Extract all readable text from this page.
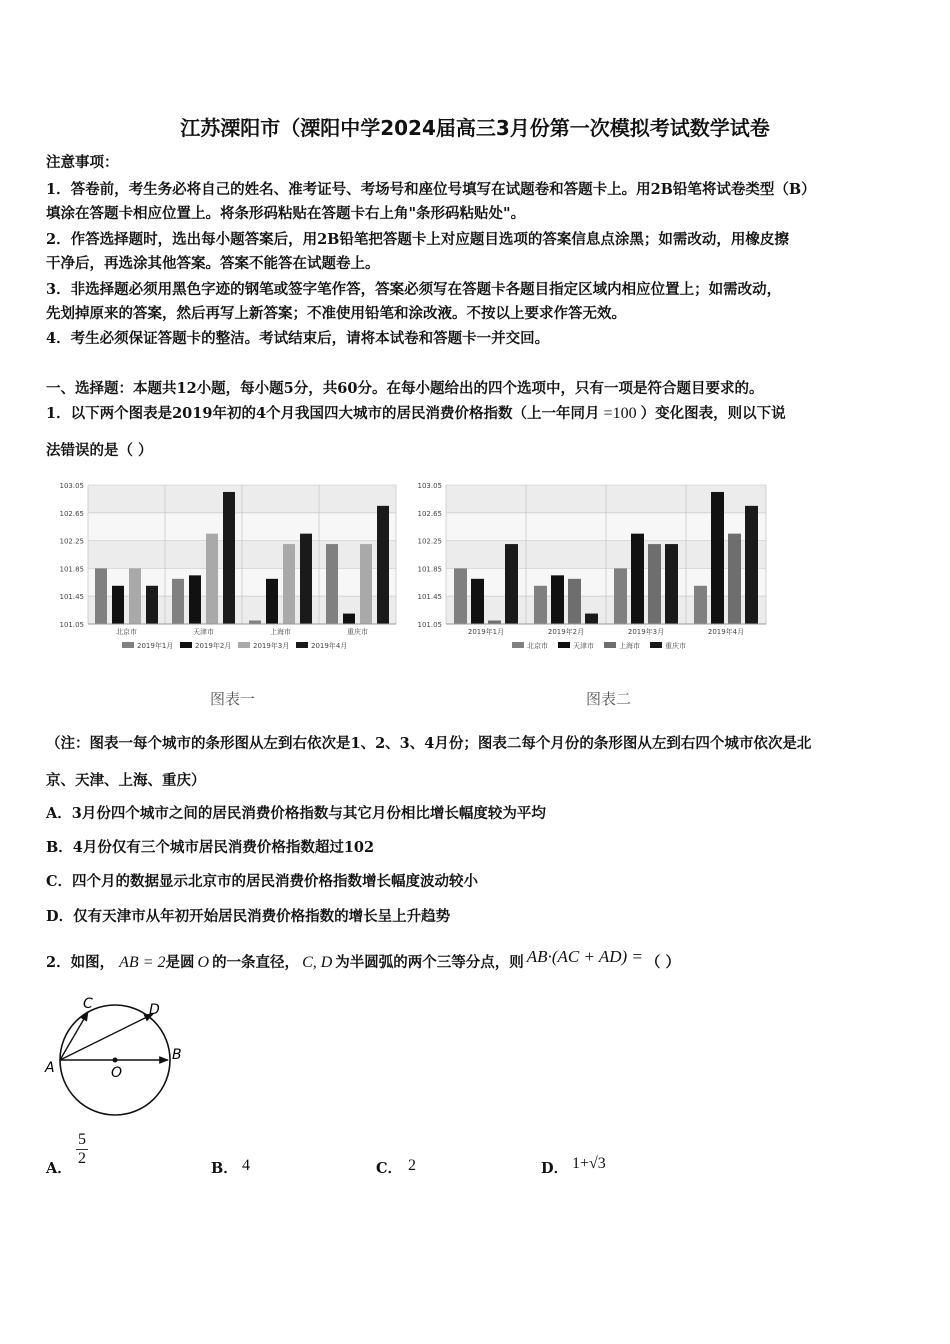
江苏溧阳市（溧阳中学2024届高三3月份第一次模拟考试数学试卷
注意事项：
1．答卷前，考生务必将自己的姓名、准考证号、考场号和座位号填写在试题卷和答题卡上。用2B铅笔将试卷类型（B）
填涂在答题卡相应位置上。将条形码粘贴在答题卡右上角"条形码粘贴处"。
2．作答选择题时，选出每小题答案后，用2B铅笔把答题卡上对应题目选项的答案信息点涂黑；如需改动，用橡皮擦
干净后，再选涂其他答案。答案不能答在试题卷上。
3．非选择题必须用黑色字迹的钢笔或签字笔作答，答案必须写在答题卡各题目指定区域内相应位置上；如需改动，
先划掉原来的答案，然后再写上新答案；不准使用铅笔和涂改液。不按以上要求作答无效。
4．考生必须保证答题卡的整洁。考试结束后，请将本试卷和答题卡一并交回。
一、选择题：本题共12小题，每小题5分，共60分。在每小题给出的四个选项中，只有一项是符合题目要求的。
1．以下两个图表是2019年初的4个月我国四大城市的居民消费价格指数（上一年同月 =100 ）变化图表，则以下说
法错误的是（ ）
103.05
102.65
102.25
101.85
101.45
101.05
北京市	天津市	上海市	重庆市
2019年1月	2019年2月	2019年3月	2019年4月
103.05
102.65
102.25
101.85
101.45
101.05
2019年1月	2019年2月	2019年3月	2019年4月
北京市	天津市	上海市	重庆市
图表一	图表二
（注：图表一每个城市的条形图从左到右依次是1、2、3、4月份；图表二每个月份的条形图从左到右四个城市依次是北
京、天津、上海、重庆）
A．3月份四个城市之间的居民消费价格指数与其它月份相比增长幅度较为平均
B．4月份仅有三个城市居民消费价格指数超过102
C．四个月的数据显示北京市的居民消费价格指数增长幅度波动较小
D．仅有天津市从年初开始居民消费价格指数的增长呈上升趋势
2．如图， AB = 2是圆 O 的一条直径， C, D 为半圆弧的两个三等分点，则 AB·(AC + AD) = （ ）
A
B
C	D
O
A．
$\frac{5}{2}$
B． 4	C． 2	D． 1+√3
